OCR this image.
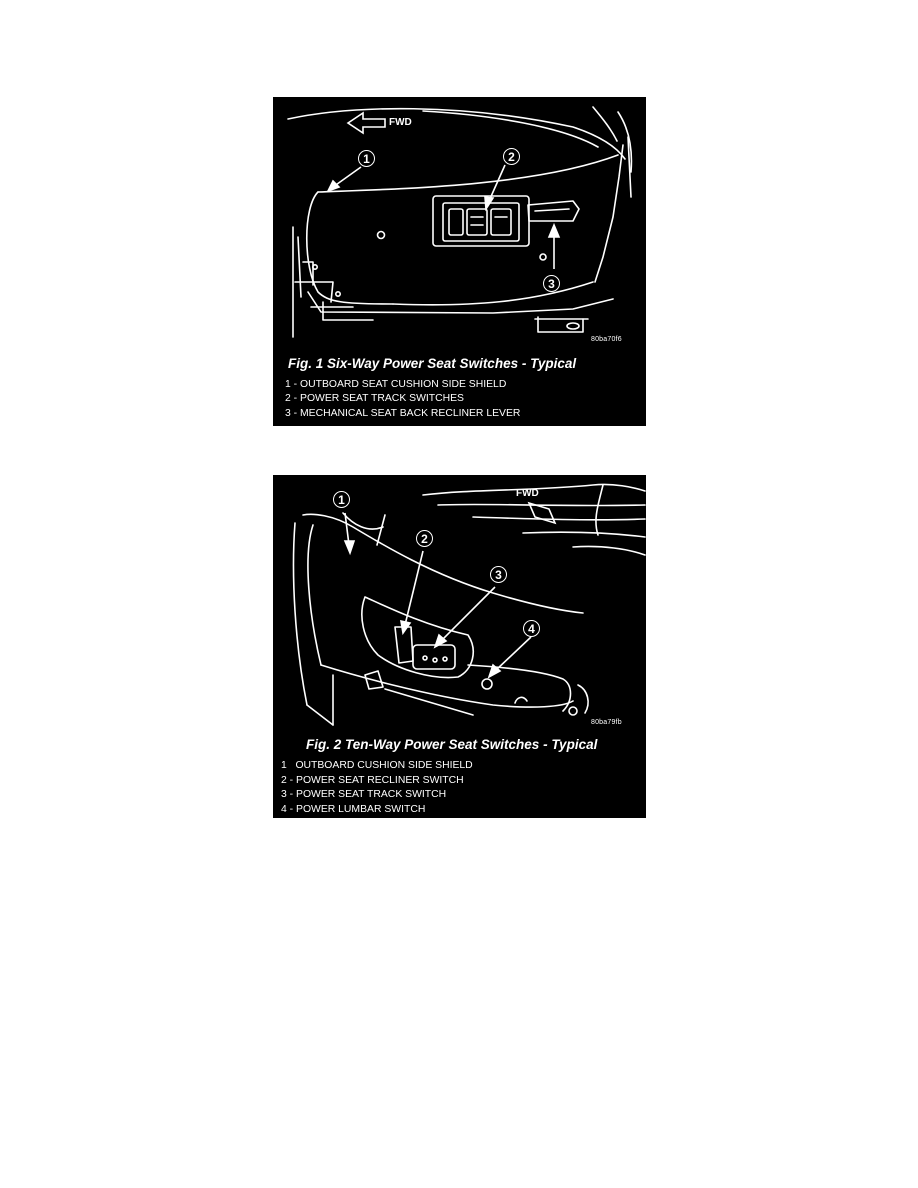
FWD
1	2
3
80ba70f6
Fig. 1 Six-Way Power Seat Switches - Typical
1 - OUTBOARD SEAT CUSHION SIDE SHIELD
2 - POWER SEAT TRACK SWITCHES
3 - MECHANICAL SEAT BACK RECLINER LEVER
FWD
1
2
3
4
80ba79fb
Fig. 2 Ten-Way Power Seat Switches - Typical
1   OUTBOARD CUSHION SIDE SHIELD
2 - POWER SEAT RECLINER SWITCH
3 - POWER SEAT TRACK SWITCH
4 - POWER LUMBAR SWITCH
